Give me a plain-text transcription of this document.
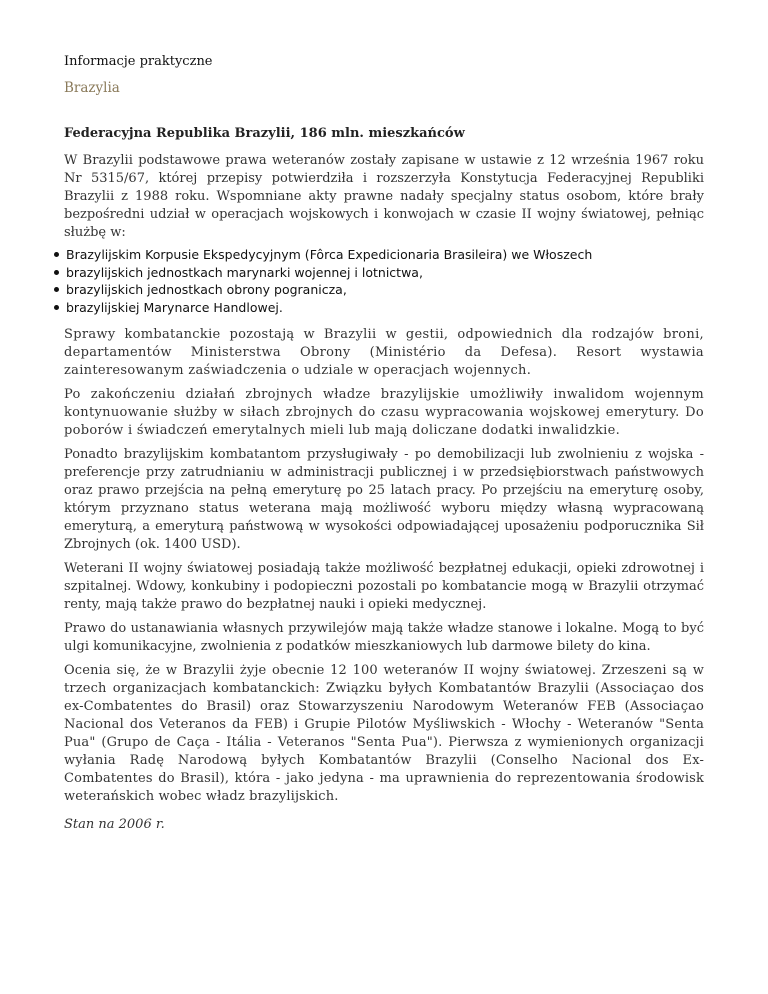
Informacje praktyczne

Brazylia

Federacyjna Republika Brazylii, 186 mln. mieszkańców

W Brazylii podstawowe prawa weteranów zostały zapisane w ustawie z 12 września 1967 roku Nr 5315/67, której przepisy potwierdziła i rozszerzyła Konstytucja Federacyjnej Republiki Brazylii z 1988 roku. Wspomniane akty prawne nadały specjalny status osobom, które brały bezpośredni udział w operacjach wojskowych i konwojach w czasie II wojny światowej, pełniąc służbę w:

Brazylijskim Korpusie Ekspedycyjnym (Fôrca Expedicionaria Brasileira) we Włoszech
brazylijskich jednostkach marynarki wojennej i lotnictwa,
brazylijskich jednostkach obrony pogranicza,
brazylijskiej Marynarce Handlowej.

Sprawy kombatanckie pozostają w Brazylii w gestii, odpowiednich dla rodzajów broni, departamentów Ministerstwa Obrony (Ministério da Defesa). Resort wystawia zainteresowanym zaświadczenia o udziale w operacjach wojennych.

Po zakończeniu działań zbrojnych władze brazylijskie umożliwiły inwalidom wojennym kontynuowanie służby w siłach zbrojnych do czasu wypracowania wojskowej emerytury. Do poborów i świadczeń emerytalnych mieli lub mają doliczane dodatki inwalidzkie.

Ponadto brazylijskim kombatantom przysługiwały - po demobilizacji lub zwolnieniu z wojska - preferencje przy zatrudnianiu w administracji publicznej i w przedsiębiorstwach państwowych oraz prawo przejścia na pełną emeryturę po 25 latach pracy. Po przejściu na emeryturę osoby, którym przyznano status weterana mają możliwość wyboru między własną wypracowaną emeryturą, a emeryturą państwową w wysokości odpowiadającej uposażeniu podporucznika Sił Zbrojnych (ok. 1400 USD).

Weterani II wojny światowej posiadają także możliwość bezpłatnej edukacji, opieki zdrowotnej i szpitalnej. Wdowy, konkubiny i podopieczni pozostali po kombatancie mogą w Brazylii otrzymać renty, mają także prawo do bezpłatnej nauki i opieki medycznej.

Prawo do ustanawiania własnych przywilejów mają także władze stanowe i lokalne. Mogą to być ulgi komunikacyjne, zwolnienia z podatków mieszkaniowych lub darmowe bilety do kina.

Ocenia się, że w Brazylii żyje obecnie 12 100 weteranów II wojny światowej. Zrzeszeni są w trzech organizacjach kombatanckich: Związku byłych Kombatantów Brazylii (Associaçao dos ex-Combatentes do Brasil) oraz Stowarzyszeniu Narodowym Weteranów FEB (Associaçao Nacional dos Veteranos da FEB) i Grupie Pilotów Myśliwskich - Włochy - Weteranów "Senta Pua" (Grupo de Caça - Itália - Veteranos "Senta Pua"). Pierwsza z wymienionych organizacji wyłania Radę Narodową byłych Kombatantów Brazylii (Conselho Nacional dos Ex-Combatentes do Brasil), która - jako jedyna - ma uprawnienia do reprezentowania środowisk weterańskich wobec władz brazylijskich.

Stan na 2006 r.
